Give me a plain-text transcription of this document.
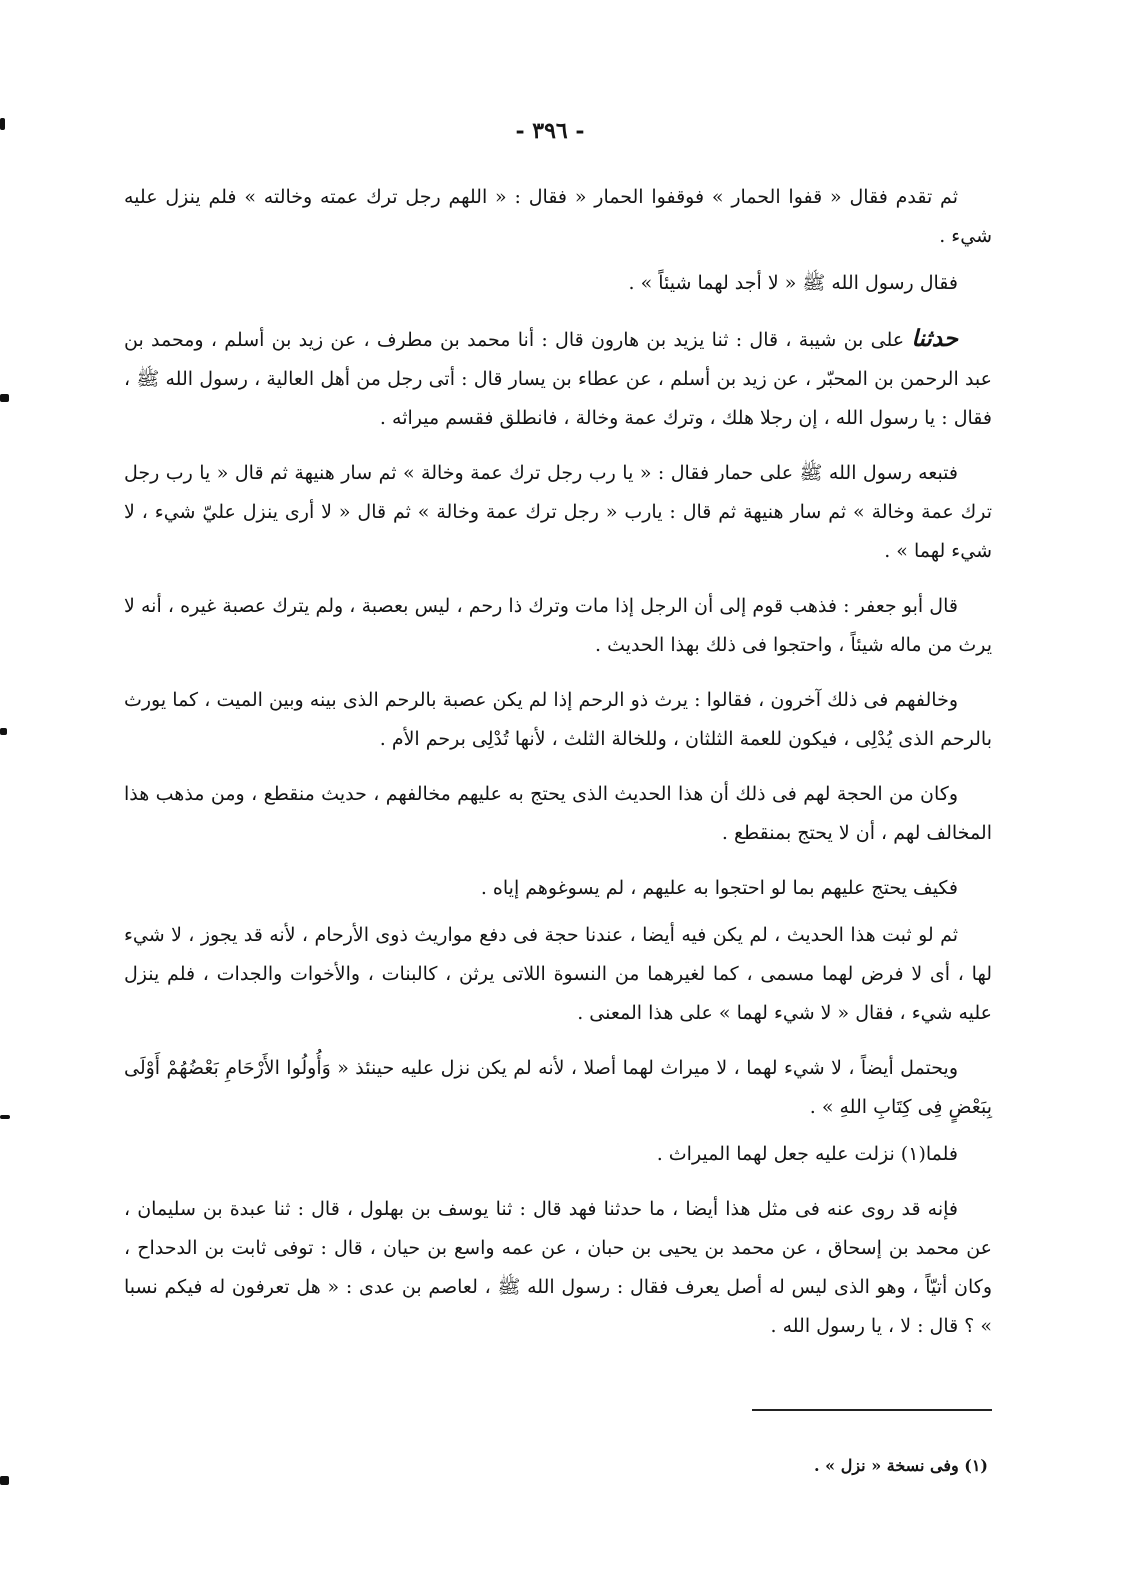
- ٣٩٦ -

ثم تقدم فقال « قفوا الحمار » فوقفوا الحمار « فقال : « اللهم رجل ترك عمته وخالته » فلم ينزل عليه شيء .

فقال رسول الله ﷺ « لا أجد لهما شيئاً » .

حدثنا على بن شيبة ، قال : ثنا يزيد بن هارون قال : أنا محمد بن مطرف ، عن زيد بن أسلم ، ومحمد بن عبد الرحمن بن المحبّر ، عن زيد بن أسلم ، عن عطاء بن يسار قال : أتى رجل من أهل العالية ، رسول الله ﷺ ، فقال : يا رسول الله ، إن رجلا هلك ، وترك عمة وخالة ، فانطلق فقسم ميراثه .

فتبعه رسول الله ﷺ على حمار فقال : « يا رب رجل ترك عمة وخالة » ثم سار هنيهة ثم قال « يا رب رجل ترك عمة وخالة » ثم سار هنيهة ثم قال : يارب « رجل ترك عمة وخالة » ثم قال « لا أرى ينزل عليّ شيء ، لا شيء لهما » .

قال أبو جعفر : فذهب قوم إلى أن الرجل إذا مات وترك ذا رحم ، ليس بعصبة ، ولم يترك عصبة غيره ، أنه لا يرث من ماله شيئاً ، واحتجوا فى ذلك بهذا الحديث .

وخالفهم فى ذلك آخرون ، فقالوا : يرث ذو الرحم إذا لم يكن عصبة بالرحم الذى بينه وبين الميت ، كما يورث بالرحم الذى يُدْلِى ، فيكون للعمة الثلثان ، وللخالة الثلث ، لأنها تُدْلِى برحم الأم .

وكان من الحجة لهم فى ذلك أن هذا الحديث الذى يحتج به عليهم مخالفهم ، حديث منقطع ، ومن مذهب هذا المخالف لهم ، أن لا يحتج بمنقطع .

فكيف يحتج عليهم بما لو احتجوا به عليهم ، لم يسوغوهم إياه .

ثم لو ثبت هذا الحديث ، لم يكن فيه أيضا ، عندنا حجة فى دفع مواريث ذوى الأرحام ، لأنه قد يجوز ، لا شيء لها ، أى لا فرض لهما مسمى ، كما لغيرهما من النسوة اللاتى يرثن ، كالبنات ، والأخوات والجدات ، فلم ينزل عليه شيء ، فقال « لا شيء لهما » على هذا المعنى .

ويحتمل أيضاً ، لا شيء لهما ، لا ميراث لهما أصلا ، لأنه لم يكن نزل عليه حينئذ « وَأُولُوا الأَرْحَامِ بَعْضُهُمْ أَوْلَى بِبَعْضٍ فِى كِتَابِ اللهِ » .

فلما(١) نزلت عليه جعل لهما الميراث .

فإنه قد روى عنه فى مثل هذا أيضا ، ما حدثنا فهد قال : ثنا يوسف بن بهلول ، قال : ثنا عبدة بن سليمان ، عن محمد بن إسحاق ، عن محمد بن يحيى بن حبان ، عن عمه واسع بن حيان ، قال : توفى ثابت بن الدحداح ، وكان أتيّاً ، وهو الذى ليس له أصل يعرف فقال : رسول الله ﷺ ، لعاصم بن عدى : « هل تعرفون له فيكم نسبا » ؟ قال : لا ، يا رسول الله .

(١) وفى نسخة « نزل » .
